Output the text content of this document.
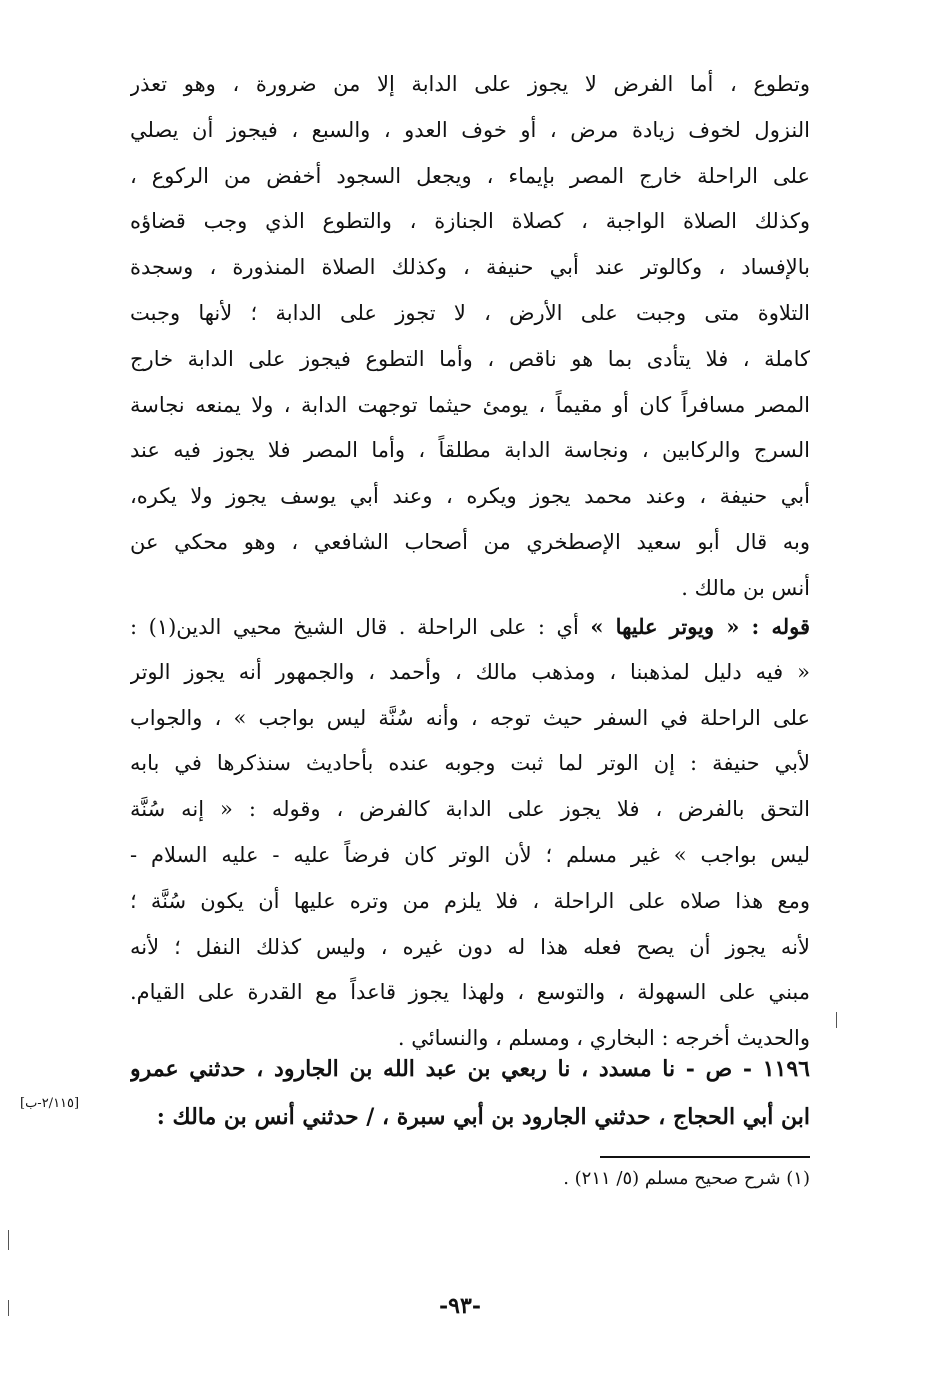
وتطوع ، أما الفرض لا يجوز على الدابة إلا من ضرورة ، وهو تعذر
النزول لخوف زيادة مرض ، أو خوف العدو ، والسبع ، فيجوز أن يصلي
على الراحلة خارج المصر بإيماء ، ويجعل السجود أخفض من الركوع ،
وكذلك الصلاة الواجبة ، كصلاة الجنازة ، والتطوع الذي وجب قضاؤه
بالإفساد ، وكالوتر عند أبي حنيفة ، وكذلك الصلاة المنذورة ، وسجدة
التلاوة متى وجبت على الأرض ، لا تجوز على الدابة ؛ لأنها وجبت
كاملة ، فلا يتأدى بما هو ناقص ، وأما التطوع فيجوز على الدابة خارج
المصر مسافراً كان أو مقيماً ، يومئ حيثما توجهت الدابة ، ولا يمنعه نجاسة
السرج والركابين ، ونجاسة الدابة مطلقاً ، وأما المصر فلا يجوز فيه عند
أبي حنيفة ، وعند محمد يجوز ويكره ، وعند أبي يوسف يجوز ولا يكره،
وبه قال أبو سعيد الإصطخري من أصحاب الشافعي ، وهو محكي عن
أنس بن مالك .
قوله : « ويوتر عليها » أي : على الراحلة . قال الشيخ محيي الدين(١) :
« فيه دليل لمذهبنا ، ومذهب مالك ، وأحمد ، والجمهور أنه يجوز الوتر
على الراحلة في السفر حيث توجه ، وأنه سُنَّة ليس بواجب » ، والجواب
لأبي حنيفة : إن الوتر لما ثبت وجوبه عنده بأحاديث سنذكرها في بابه
التحق بالفرض ، فلا يجوز على الدابة كالفرض ، وقوله : « إنه سُنَّة
ليس بواجب » غير مسلم ؛ لأن الوتر كان فرضاً عليه - عليه السلام -
ومع هذا صلاه على الراحلة ، فلا يلزم من وتره عليها أن يكون سُنَّة ؛
لأنه يجوز أن يصح فعله هذا له دون غيره ، وليس كذلك النفل ؛ لأنه
مبني على السهولة ، والتوسع ، ولهذا يجوز قاعداً مع القدرة على القيام.
والحديث أخرجه : البخاري ، ومسلم ، والنسائي .
١١٩٦ - ص - نا مسدد ، نا ربعي بن عبد الله بن الجارود ، حدثني عمرو
ابن أبي الحجاج ، حدثني الجارود بن أبي سبرة ، / حدثني أنس بن مالك :
[٢/١١٥-ب]
(١) شرح صحيح مسلم (٥/ ٢١١) .
-٩٣-
